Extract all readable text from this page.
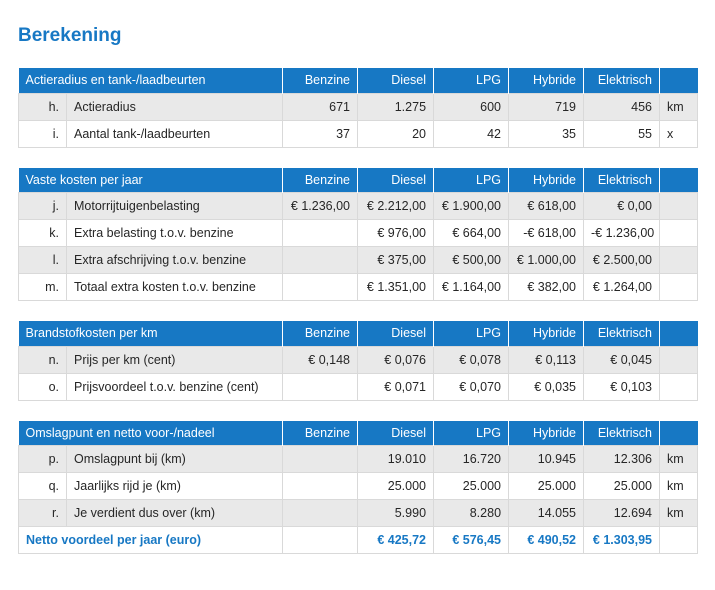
Berekening
Actieradius en tank-/laadbeurten		Benzine	Diesel	LPG	Hybride	Elektrisch	
h.	Actieradius	671	1.275	600	719	456	km
i.	Aantal tank-/laadbeurten	37	20	42	35	55	x
Vaste kosten per jaar		Benzine	Diesel	LPG	Hybride	Elektrisch	
j.	Motorrijtuigenbelasting	€ 1.236,00	€ 2.212,00	€ 1.900,00	€ 618,00	€ 0,00	
k.	Extra belasting t.o.v. benzine		€ 976,00	€ 664,00	-€ 618,00	-€ 1.236,00	
l.	Extra afschrijving t.o.v. benzine		€ 375,00	€ 500,00	€ 1.000,00	€ 2.500,00	
m.	Totaal extra kosten t.o.v. benzine		€ 1.351,00	€ 1.164,00	€ 382,00	€ 1.264,00	
Brandstofkosten per km		Benzine	Diesel	LPG	Hybride	Elektrisch	
n.	Prijs per km (cent)	€ 0,148	€ 0,076	€ 0,078	€ 0,113	€ 0,045	
o.	Prijsvoordeel t.o.v. benzine (cent)		€ 0,071	€ 0,070	€ 0,035	€ 0,103	
Omslagpunt en netto voor-/nadeel		Benzine	Diesel	LPG	Hybride	Elektrisch	
p.	Omslagpunt bij (km)		19.010	16.720	10.945	12.306	km
q.	Jaarlijks rijd je (km)		25.000	25.000	25.000	25.000	km
r.	Je verdient dus over (km)		5.990	8.280	14.055	12.694	km
Netto voordeel per jaar (euro)			€ 425,72	€ 576,45	€ 490,52	€ 1.303,95	
